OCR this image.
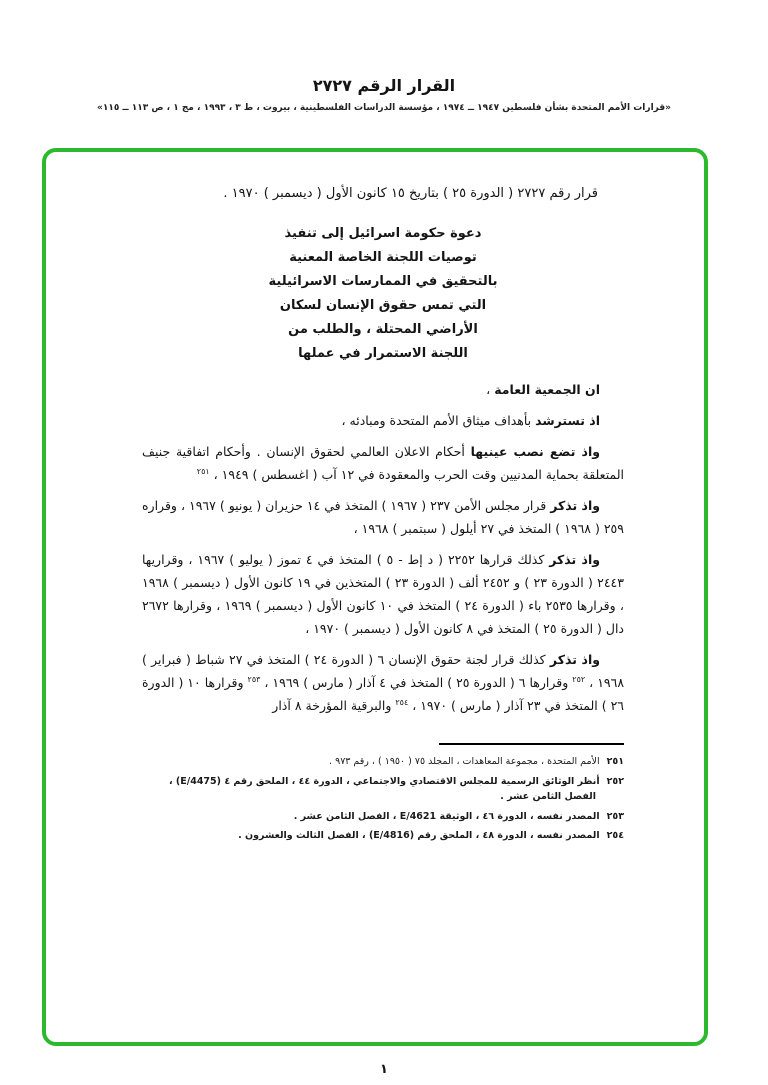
القرار الرقم ٢٧٢٧
«قرارات الأمم المتحدة بشأن فلسطين ١٩٤٧ ــ ١٩٧٤ ، مؤسسة الدراسات الفلسطينية ، بيروت ، ط ٣ ، ١٩٩٣ ، مج ١ ، ص ١١٣ ــ ١١٥»

قرار رقم ٢٧٢٧ ( الدورة ٢٥ ) بتاريخ ١٥ كانون الأول ( ديسمبر ) ١٩٧٠ .

دعوة حكومة اسرائيل إلى تنفيذ
توصيات اللجنة الخاصة المعنية
بالتحقيق في الممارسات الاسرائيلية
التي تمس حقوق الإنسان لسكان
الأراضي المحتلة ، والطلب من
اللجنة الاستمرار في عملها

ان الجمعية العامة ،

اذ تسترشد بأهداف ميثاق الأمم المتحدة ومبادئه ،

واذ تضع نصب عينيها أحكام الاعلان العالمي لحقوق الإنسان . وأحكام اتفاقية جنيف المتعلقة بحماية المدنيين وقت الحرب والمعقودة في ١٢ آب ( اغسطس ) ١٩٤٩ ، $^{٢٥١}$

واذ تذكر قرار مجلس الأمن ٢٣٧ ( ١٩٦٧ ) المتخذ في ١٤ حزيران ( يونيو ) ١٩٦٧ ، وقراره ٢٥٩ ( ١٩٦٨ ) المتخذ في ٢٧ أيلول ( سبتمبر ) ١٩٦٨ ،

واذ تذكر كذلك قرارها ٢٢٥٢ ( د إط - ٥ ) المتخذ في ٤ تموز ( يوليو ) ١٩٦٧ ، وقراريها ٢٤٤٣ ( الدورة ٢٣ ) و ٢٤٥٢ ألف ( الدورة ٢٣ ) المتخذين في ١٩ كانون الأول ( ديسمبر ) ١٩٦٨ ، وقرارها ٢٥٣٥ باء ( الدورة ٢٤ ) المتخذ في ١٠ كانون الأول ( ديسمبر ) ١٩٦٩ ، وقرارها ٢٦٧٢ دال ( الدورة ٢٥ ) المتخذ في ٨ كانون الأول ( ديسمبر ) ١٩٧٠ ،

واذ تذكر كذلك قرار لجنة حقوق الإنسان ٦ ( الدورة ٢٤ ) المتخذ في ٢٧ شباط ( فبراير ) ١٩٦٨ ، $^{٢٥٢}$ وقرارها ٦ ( الدورة ٢٥ ) المتخذ في ٤ آذار ( مارس ) ١٩٦٩ ، $^{٢٥٣}$ وقرارها ١٠ ( الدورة ٢٦ ) المتخذ في ٢٣ آذار ( مارس ) ١٩٧٠ ، $^{٢٥٤}$ والبرقية المؤرخة ٨ آذار

٢٥١الأمم المتحدة ، مجموعة المعاهدات ، المجلد ٧٥ ( ١٩٥٠ ) ، رقم ٩٧٣ .
٢٥٢أنظر الوثائق الرسمية للمجلس الاقتصادي والاجتماعي ، الدورة ٤٤ ، الملحق رقم ٤ (E/4475) ، الفصل الثامن عشر .
٢٥٣المصدر نفسه ، الدورة ٤٦ ، الوثيقة E/4621 ، الفصل الثامن عشر .
٢٥٤المصدر نفسه ، الدورة ٤٨ ، الملحق رقم (E/4816) ، الفصل الثالث والعشرون .
١
